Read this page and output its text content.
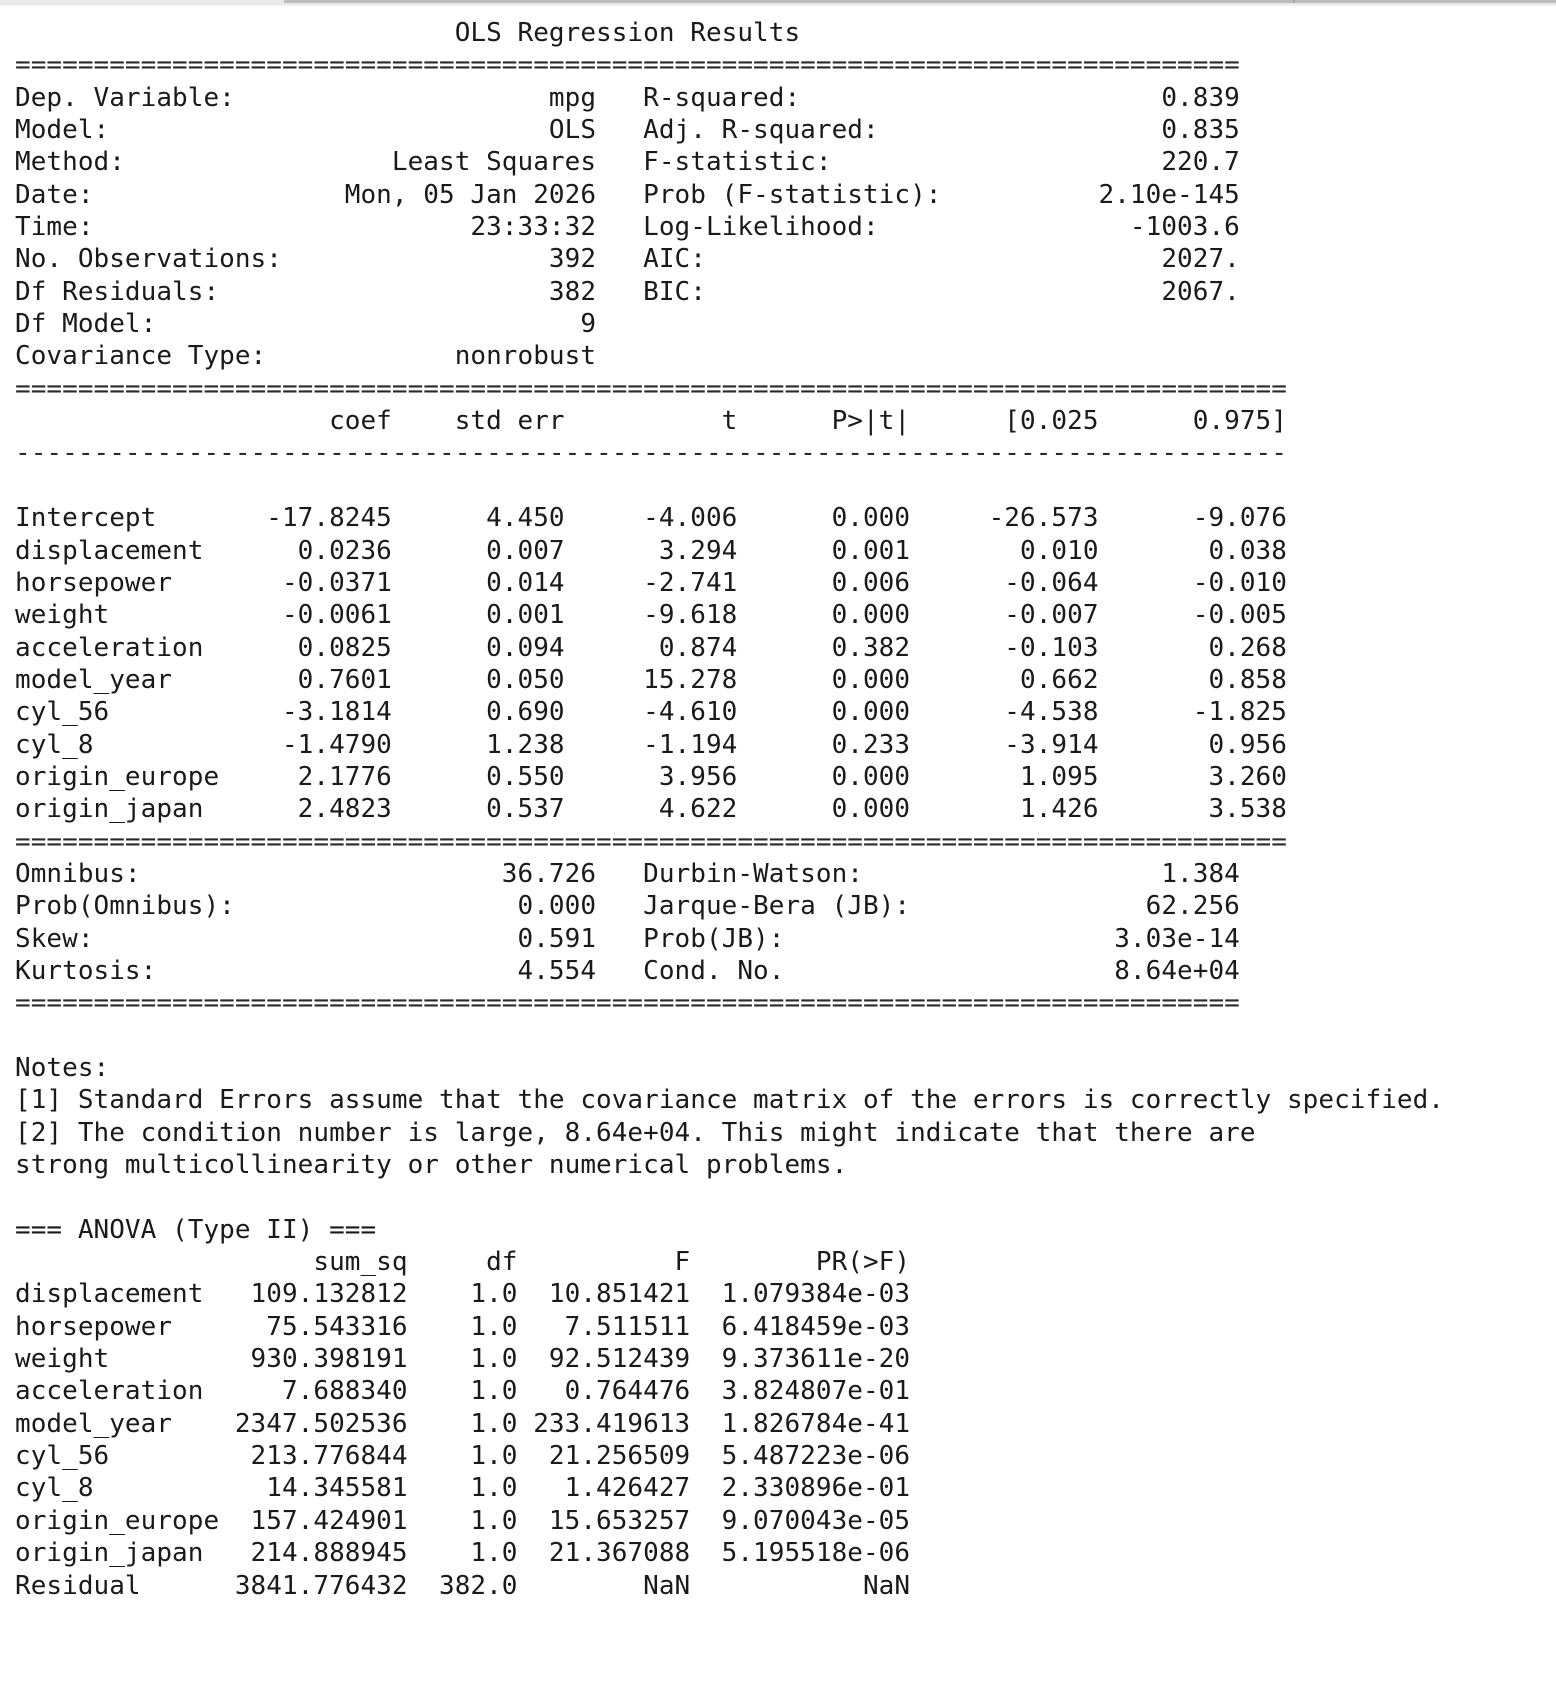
OLS Regression Results
==============================================================================
Dep. Variable:                    mpg   R-squared:                       0.839
Model:                            OLS   Adj. R-squared:                  0.835
Method:                 Least Squares   F-statistic:                     220.7
Date:                Mon, 05 Jan 2026   Prob (F-statistic):          2.10e-145
Time:                        23:33:32   Log-Likelihood:                -1003.6
No. Observations:                 392   AIC:                             2027.
Df Residuals:                     382   BIC:                             2067.
Df Model:                           9
Covariance Type:            nonrobust
=================================================================================
coef    std err          t      P>|t|      [0.025      0.975]
---------------------------------------------------------------------------------

Intercept       -17.8245      4.450     -4.006      0.000     -26.573      -9.076
displacement      0.0236      0.007      3.294      0.001       0.010       0.038
horsepower       -0.0371      0.014     -2.741      0.006      -0.064      -0.010
weight           -0.0061      0.001     -9.618      0.000      -0.007      -0.005
acceleration      0.0825      0.094      0.874      0.382      -0.103       0.268
model_year        0.7601      0.050     15.278      0.000       0.662       0.858
cyl_56           -3.1814      0.690     -4.610      0.000      -4.538      -1.825
cyl_8            -1.4790      1.238     -1.194      0.233      -3.914       0.956
origin_europe     2.1776      0.550      3.956      0.000       1.095       3.260
origin_japan      2.4823      0.537      4.622      0.000       1.426       3.538
=================================================================================
Omnibus:                       36.726   Durbin-Watson:                   1.384
Prob(Omnibus):                  0.000   Jarque-Bera (JB):               62.256
Skew:                           0.591   Prob(JB):                     3.03e-14
Kurtosis:                       4.554   Cond. No.                     8.64e+04
==============================================================================

Notes:
[1] Standard Errors assume that the covariance matrix of the errors is correctly specified.
[2] The condition number is large, 8.64e+04. This might indicate that there are
strong multicollinearity or other numerical problems.

=== ANOVA (Type II) ===
sum_sq     df          F        PR(>F)
displacement   109.132812    1.0  10.851421  1.079384e-03
horsepower      75.543316    1.0   7.511511  6.418459e-03
weight         930.398191    1.0  92.512439  9.373611e-20
acceleration     7.688340    1.0   0.764476  3.824807e-01
model_year    2347.502536    1.0 233.419613  1.826784e-41
cyl_56         213.776844    1.0  21.256509  5.487223e-06
cyl_8           14.345581    1.0   1.426427  2.330896e-01
origin_europe  157.424901    1.0  15.653257  9.070043e-05
origin_japan   214.888945    1.0  21.367088  5.195518e-06
Residual      3841.776432  382.0        NaN           NaN
